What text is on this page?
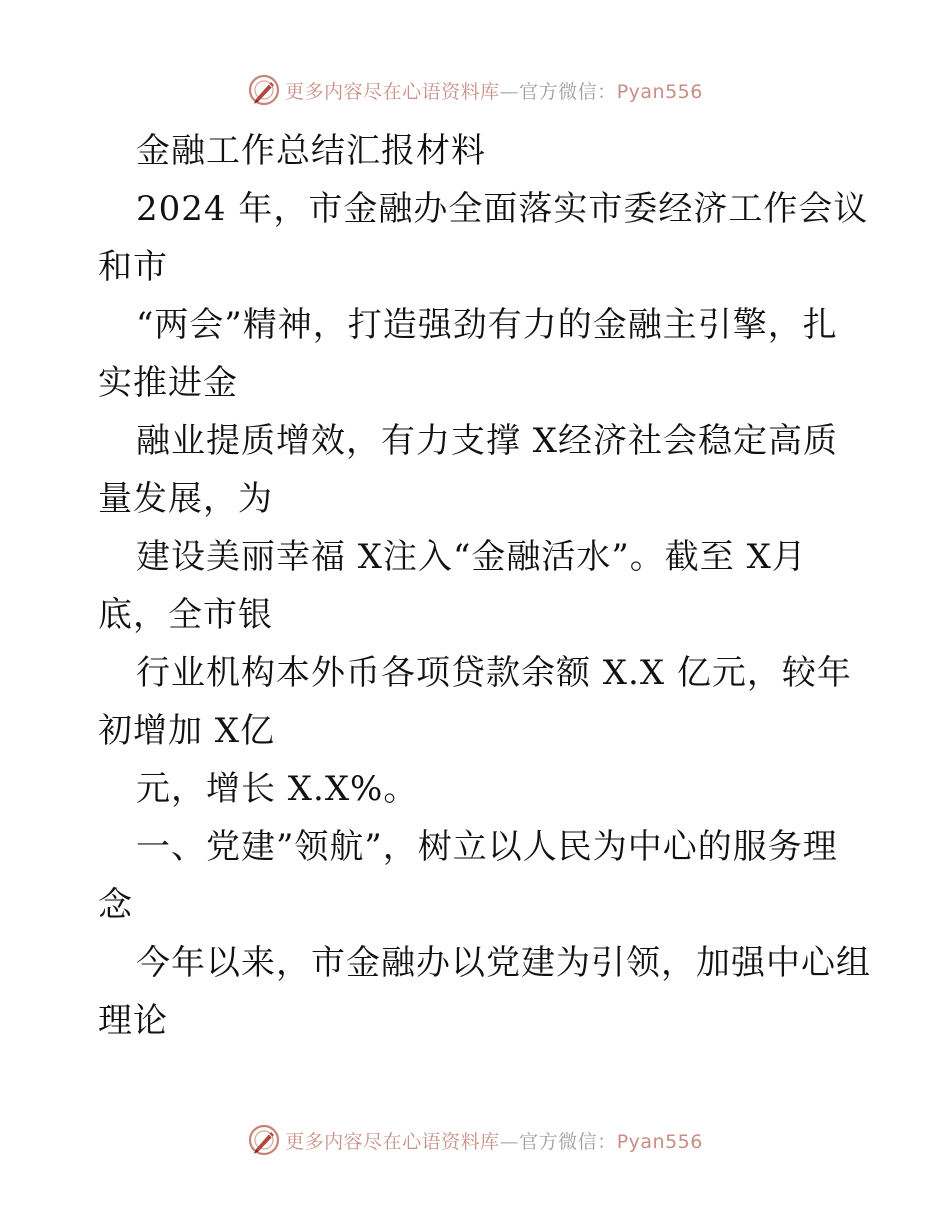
更多内容尽在心语资料库—官方微信：Pyan556
金融工作总结汇报材料
2024 年，市金融办全面落实市委经济工作会议
和市
“两会”精神，打造强劲有力的金融主引擎，扎
实推进金
融业提质增效，有力支撑 X经济社会稳定高质
量发展，为
建设美丽幸福 X注入“金融活水”。截至 X月
底，全市银
行业机构本外币各项贷款余额 X.X 亿元，较年
初增加 X亿
元，增长 X.X%。
一、党建”领航”，树立以人民为中心的服务理
念
今年以来，市金融办以党建为引领，加强中心组
理论
更多内容尽在心语资料库—官方微信：Pyan556
